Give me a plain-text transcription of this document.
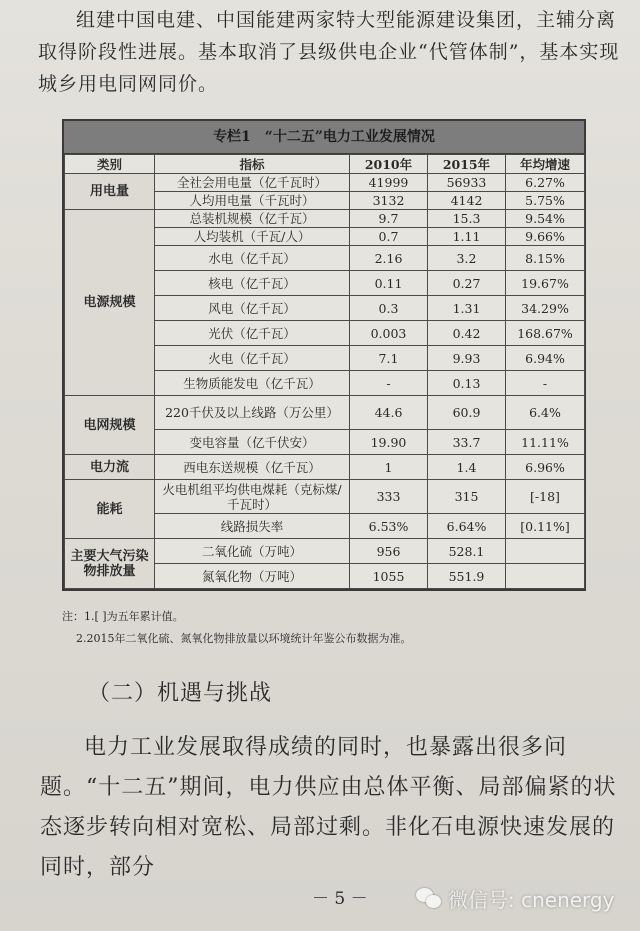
组建中国电建、中国能建两家特大型能源建设集团，主辅分离取得阶段性进展。基本取消了县级供电企业“代管体制”，基本实现城乡用电同网同价。

专栏1　“十二五”电力工业发展情况
类别	指标	2010年	2015年	年均增速
用电量	全社会用电量（亿千瓦时）	41999	56933	6.27%
	人均用电量（千瓦时）	3132	4142	5.75%
电源规模	总装机规模（亿千瓦）	9.7	15.3	9.54%
	人均装机（千瓦/人）	0.7	1.11	9.66%
	水电（亿千瓦）	2.16	3.2	8.15%
	核电（亿千瓦）	0.11	0.27	19.67%
	风电（亿千瓦）	0.3	1.31	34.29%
	光伏（亿千瓦）	0.003	0.42	168.67%
	火电（亿千瓦）	7.1	9.93	6.94%
	生物质能发电（亿千瓦）	-	0.13	-
电网规模	220千伏及以上线路（万公里）	44.6	60.9	6.4%
	变电容量（亿千伏安）	19.90	33.7	11.11%
电力流	西电东送规模（亿千瓦）	1	1.4	6.96%
能耗	火电机组平均供电煤耗（克标煤/千瓦时）	333	315	[-18]
	线路损失率	6.53%	6.64%	[0.11%]
主要大气污染物排放量	二氧化硫（万吨）	956	528.1	
	氮氧化物（万吨）	1055	551.9	
注：1.[ ]为五年累计值。
2.2015年二氧化硫、氮氧化物排放量以环境统计年鉴公布数据为准。
（二）机遇与挑战

电力工业发展取得成绩的同时，也暴露出很多问题。“十二五”期间，电力供应由总体平衡、局部偏紧的状态逐步转向相对宽松、局部过剩。非化石电源快速发展的同时，部分

－ 5 －	微信号: cnenergy
